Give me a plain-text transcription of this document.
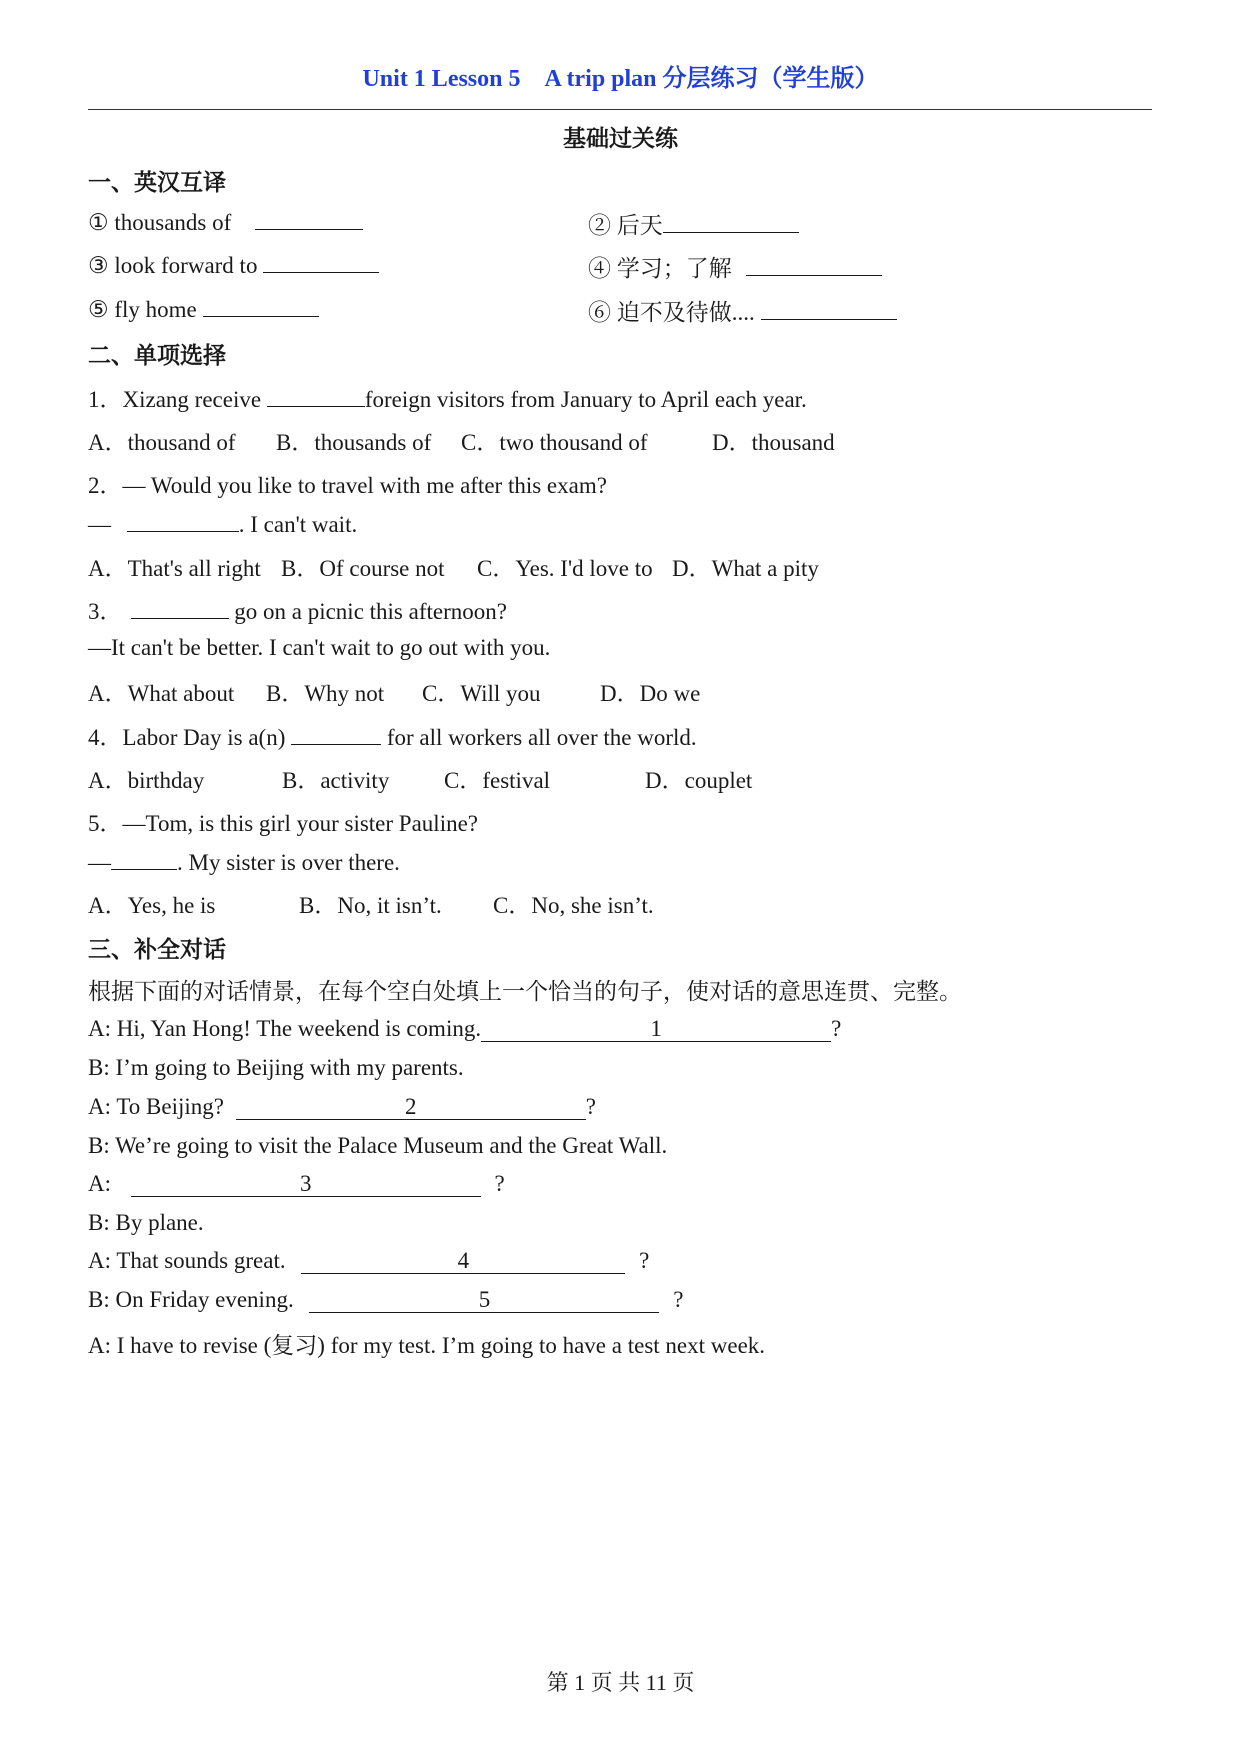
Unit 1 Lesson 5　A trip plan 分层练习（学生版）
基础过关练
一、英汉互译
① thousands of	② 后天
③ look forward to	④ 学习；了解
⑤ fly home	⑥ 迫不及待做....
二、单项选择
1．Xizang receive	foreign visitors from January to April each year.
A．thousand of B．thousands of C．two thousand of	D．thousand
2．— Would you like to travel with me after this exam?
—	. I can't wait.
A．That's all right B．Of course not C．Yes. I'd love to D．What a pity
3．	go on a picnic this afternoon?
—It can't be better. I can't wait to go out with you.
A．What about B．Why not C．Will you	D．Do we
4．Labor Day is a(n)	for all workers all over the world.
A．birthday	B．activity C．festival	D．couplet
5．—Tom, is this girl your sister Pauline?
—	. My sister is over there.
A．Yes, he is	B．No, it isn’t. C．No, she isn’t.
三、补全对话
根据下面的对话情景，在每个空白处填上一个恰当的句子，使对话的意思连贯、完整。
A: Hi, Yan Hong! The weekend is coming.	1	?
B: I’m going to Beijing with my parents.
A: To Beijing?	2	?
B: We’re going to visit the Palace Museum and the Great Wall.
A:	3	?
B: By plane.
A: That sounds great.	4	?
B: On Friday evening.	5	?
A: I have to revise (复习) for my test. I’m going to have a test next week.
第 1 页 共 11 页
